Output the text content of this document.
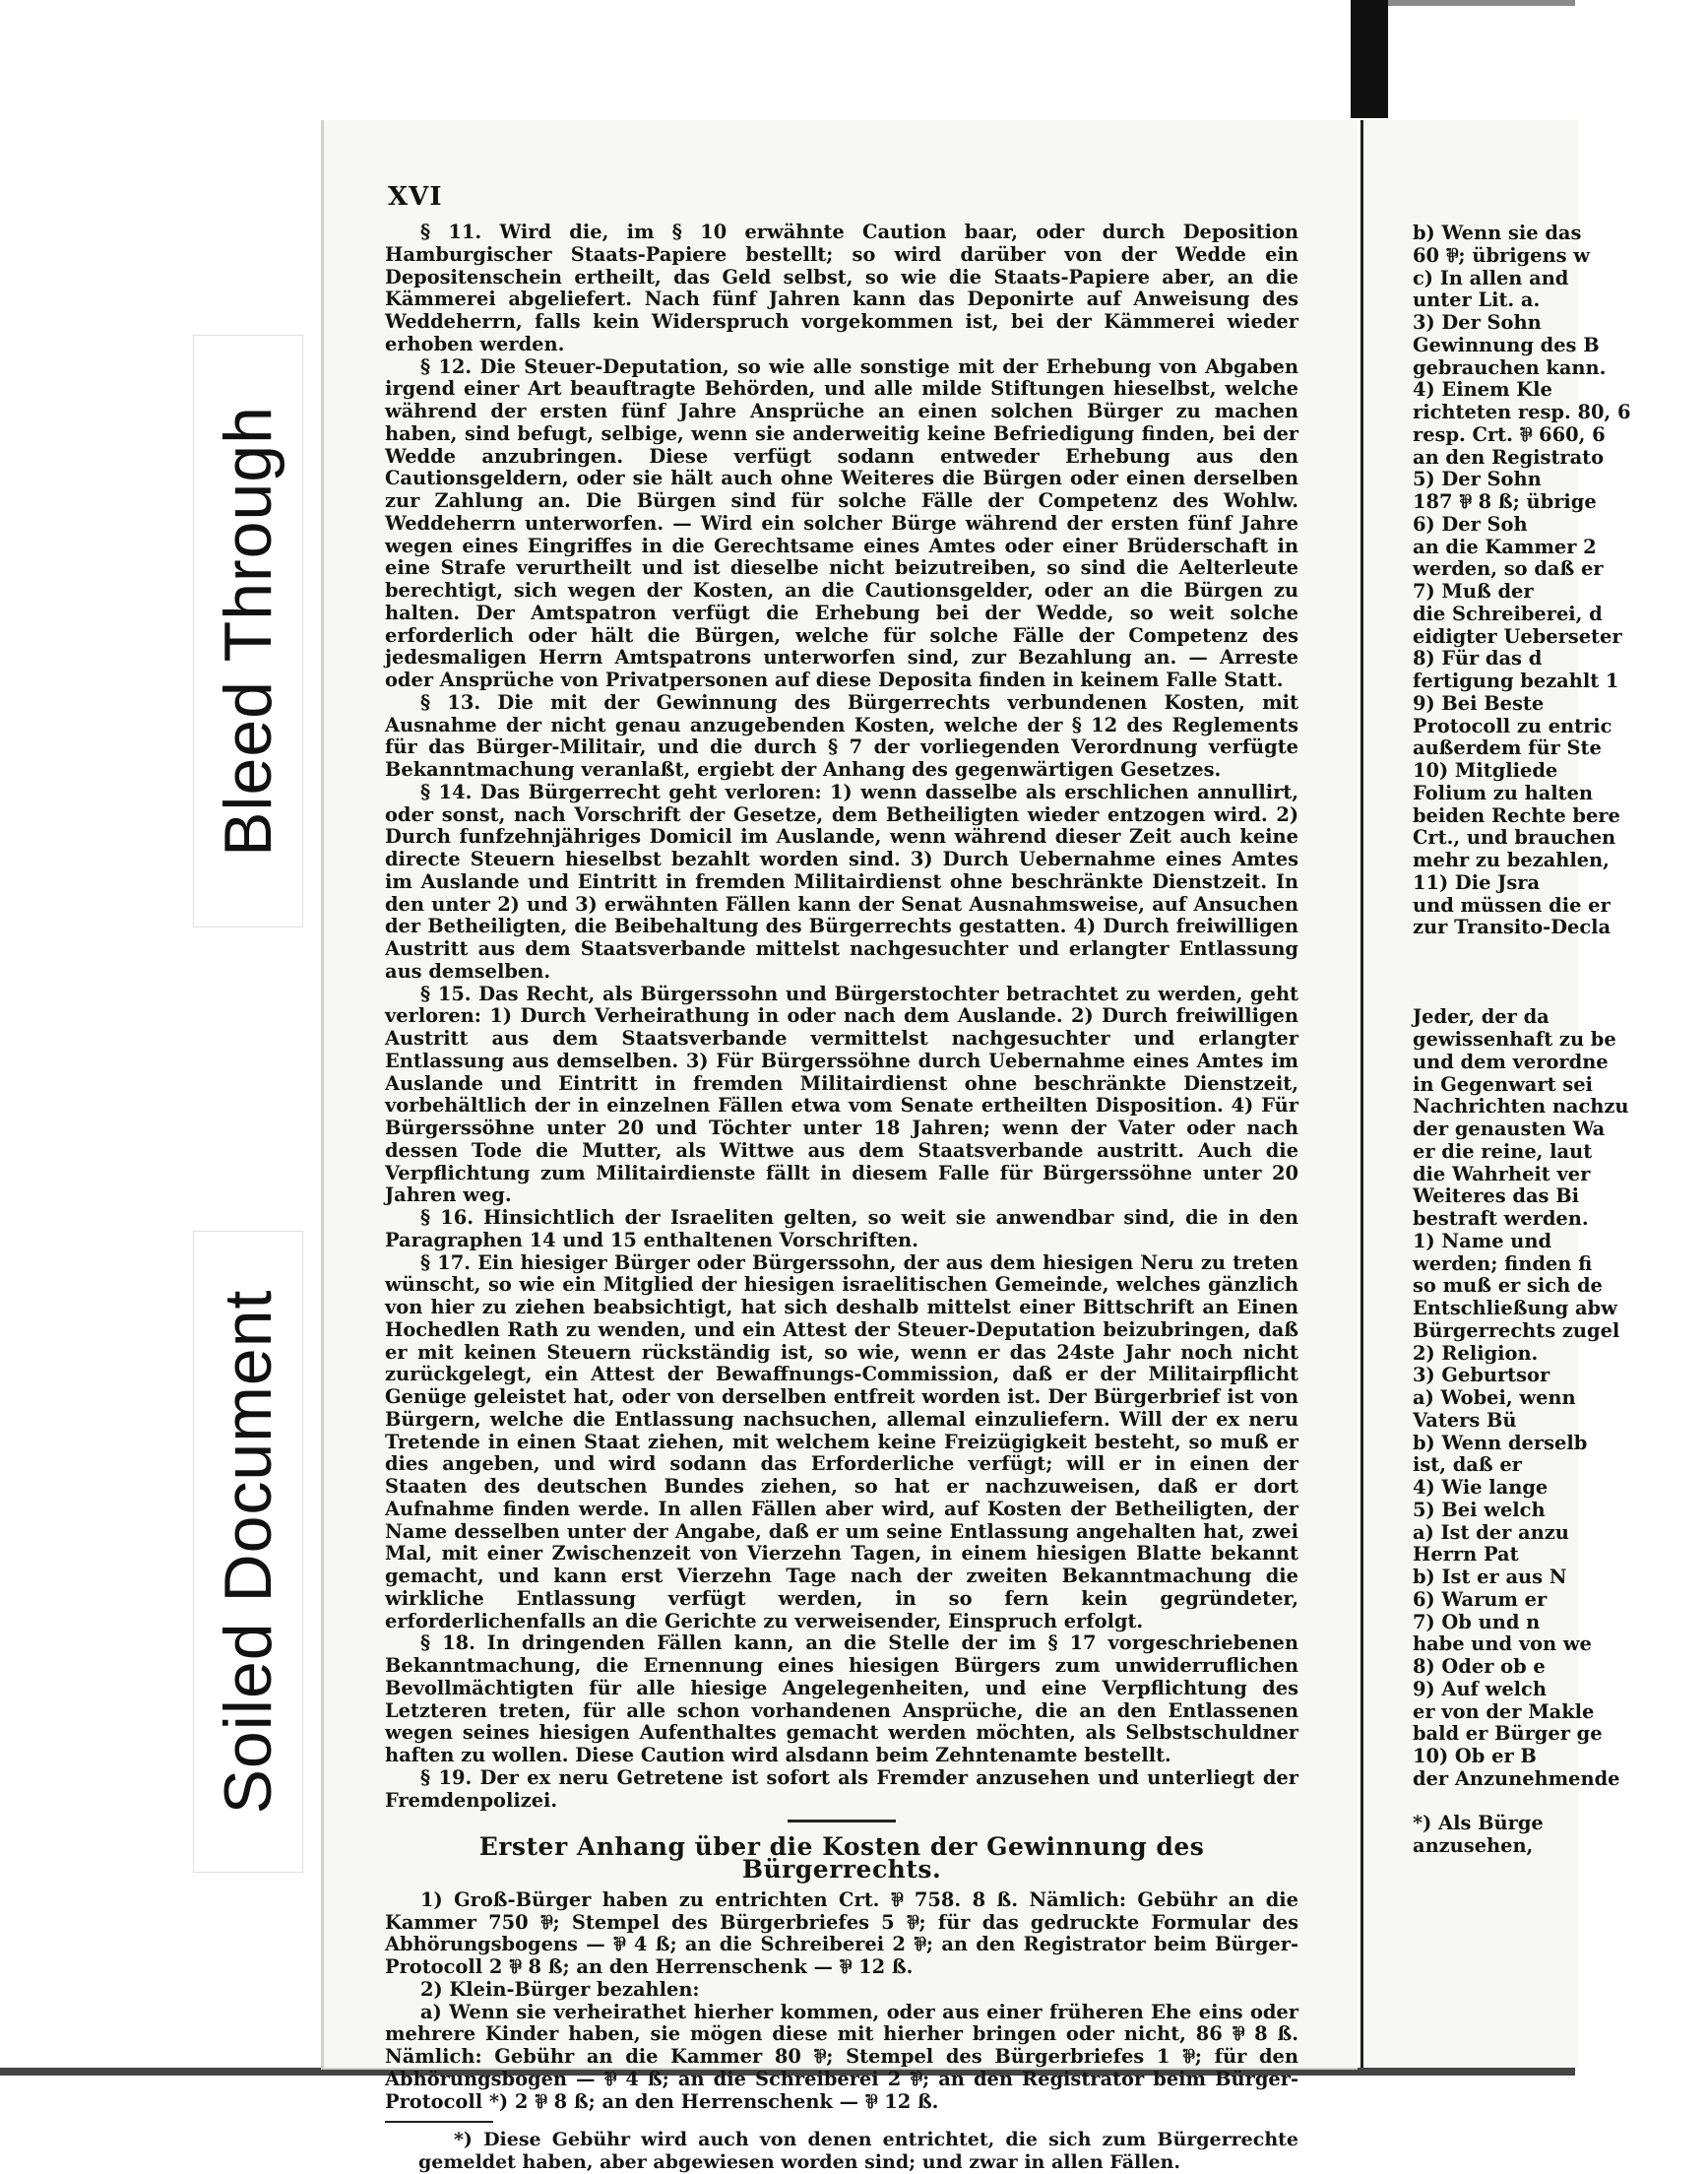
XVI

§ 11. Wird die, im § 10 erwähnte Caution baar, oder durch Deposition Hamburgischer Staats-Papiere bestellt; so wird darüber von der Wedde ein Depositenschein ertheilt, das Geld selbst, so wie die Staats-Papiere aber, an die Kämmerei abgeliefert. Nach fünf Jahren kann das Deponirte auf Anweisung des Weddeherrn, falls kein Widerspruch vorgekommen ist, bei der Kämmerei wieder erhoben werden.

§ 12. Die Steuer-Deputation, so wie alle sonstige mit der Erhebung von Abgaben irgend einer Art beauftragte Behörden, und alle milde Stiftungen hieselbst, welche während der ersten fünf Jahre Ansprüche an einen solchen Bürger zu machen haben, sind befugt, selbige, wenn sie anderweitig keine Befriedigung finden, bei der Wedde anzubringen. Diese verfügt sodann entweder Erhebung aus den Cautionsgeldern, oder sie hält auch ohne Weiteres die Bürgen oder einen derselben zur Zahlung an. Die Bürgen sind für solche Fälle der Competenz des Wohlw. Weddeherrn unterworfen. — Wird ein solcher Bürge während der ersten fünf Jahre wegen eines Eingriffes in die Gerechtsame eines Amtes oder einer Brüderschaft in eine Strafe verurtheilt und ist dieselbe nicht beizutreiben, so sind die Aelterleute berechtigt, sich wegen der Kosten, an die Cautionsgelder, oder an die Bürgen zu halten. Der Amtspatron verfügt die Erhebung bei der Wedde, so weit solche erforderlich oder hält die Bürgen, welche für solche Fälle der Competenz des jedesmaligen Herrn Amtspatrons unterworfen sind, zur Bezahlung an. — Arreste oder Ansprüche von Privatpersonen auf diese Deposita finden in keinem Falle Statt.

§ 13. Die mit der Gewinnung des Bürgerrechts verbundenen Kosten, mit Ausnahme der nicht genau anzugebenden Kosten, welche der § 12 des Reglements für das Bürger-Militair, und die durch § 7 der vorliegenden Verordnung verfügte Bekanntmachung veranlaßt, ergiebt der Anhang des gegenwärtigen Gesetzes.

§ 14. Das Bürgerrecht geht verloren: 1) wenn dasselbe als erschlichen annullirt, oder sonst, nach Vorschrift der Gesetze, dem Betheiligten wieder entzogen wird. 2) Durch funfzehnjähriges Domicil im Auslande, wenn während dieser Zeit auch keine directe Steuern hieselbst bezahlt worden sind. 3) Durch Uebernahme eines Amtes im Auslande und Eintritt in fremden Militairdienst ohne beschränkte Dienstzeit. In den unter 2) und 3) erwähnten Fällen kann der Senat Ausnahmsweise, auf Ansuchen der Betheiligten, die Beibehaltung des Bürgerrechts gestatten. 4) Durch freiwilligen Austritt aus dem Staatsverbande mittelst nachgesuchter und erlangter Entlassung aus demselben.

§ 15. Das Recht, als Bürgerssohn und Bürgerstochter betrachtet zu werden, geht verloren: 1) Durch Verheirathung in oder nach dem Auslande. 2) Durch freiwilligen Austritt aus dem Staatsverbande vermittelst nachgesuchter und erlangter Entlassung aus demselben. 3) Für Bürgerssöhne durch Uebernahme eines Amtes im Auslande und Eintritt in fremden Militairdienst ohne beschränkte Dienstzeit, vorbehältlich der in einzelnen Fällen etwa vom Senate ertheilten Disposition. 4) Für Bürgerssöhne unter 20 und Töchter unter 18 Jahren; wenn der Vater oder nach dessen Tode die Mutter, als Wittwe aus dem Staatsverbande austritt. Auch die Verpflichtung zum Militairdienste fällt in diesem Falle für Bürgerssöhne unter 20 Jahren weg.

§ 16. Hinsichtlich der Israeliten gelten, so weit sie anwendbar sind, die in den Paragraphen 14 und 15 enthaltenen Vorschriften.

§ 17. Ein hiesiger Bürger oder Bürgerssohn, der aus dem hiesigen Neru zu treten wünscht, so wie ein Mitglied der hiesigen israelitischen Gemeinde, welches gänzlich von hier zu ziehen beabsichtigt, hat sich deshalb mittelst einer Bittschrift an Einen Hochedlen Rath zu wenden, und ein Attest der Steuer-Deputation beizubringen, daß er mit keinen Steuern rückständig ist, so wie, wenn er das 24ste Jahr noch nicht zurückgelegt, ein Attest der Bewaffnungs-Commission, daß er der Militairpflicht Genüge geleistet hat, oder von derselben entfreit worden ist. Der Bürgerbrief ist von Bürgern, welche die Entlassung nachsuchen, allemal einzuliefern. Will der ex neru Tretende in einen Staat ziehen, mit welchem keine Freizügigkeit besteht, so muß er dies angeben, und wird sodann das Erforderliche verfügt; will er in einen der Staaten des deutschen Bundes ziehen, so hat er nachzuweisen, daß er dort Aufnahme finden werde. In allen Fällen aber wird, auf Kosten der Betheiligten, der Name desselben unter der Angabe, daß er um seine Entlassung angehalten hat, zwei Mal, mit einer Zwischenzeit von Vierzehn Tagen, in einem hiesigen Blatte bekannt gemacht, und kann erst Vierzehn Tage nach der zweiten Bekanntmachung die wirkliche Entlassung verfügt werden, in so fern kein gegründeter, erforderlichenfalls an die Gerichte zu verweisender, Einspruch erfolgt.

§ 18. In dringenden Fällen kann, an die Stelle der im § 17 vorgeschriebenen Bekanntmachung, die Ernennung eines hiesigen Bürgers zum unwiderruflichen Bevollmächtigten für alle hiesige Angelegenheiten, und eine Verpflichtung des Letzteren treten, für alle schon vorhandenen Ansprüche, die an den Entlassenen wegen seines hiesigen Aufenthaltes gemacht werden möchten, als Selbstschuldner haften zu wollen. Diese Caution wird alsdann beim Zehntenamte bestellt.

§ 19. Der ex neru Getretene ist sofort als Fremder anzusehen und unterliegt der Fremdenpolizei.

Erster Anhang über die Kosten der Gewinnung des Bürgerrechts.

1) Groß-Bürger haben zu entrichten Crt. ⅌ 758. 8 ß. Nämlich: Gebühr an die Kammer 750 ⅌; Stempel des Bürgerbriefes 5 ⅌; für das gedruckte Formular des Abhörungsbogens — ⅌ 4 ß; an die Schreiberei 2 ⅌; an den Registrator beim Bürger-Protocoll 2 ⅌ 8 ß; an den Herrenschenk — ⅌ 12 ß.

2) Klein-Bürger bezahlen:

a) Wenn sie verheirathet hierher kommen, oder aus einer früheren Ehe eins oder mehrere Kinder haben, sie mögen diese mit hierher bringen oder nicht, 86 ⅌ 8 ß. Nämlich: Gebühr an die Kammer 80 ⅌; Stempel des Bürgerbriefes 1 ⅌; für den Abhörungsbogen — ⅌ 4 ß; an die Schreiberei 2 ⅌; an den Registrator beim Bürger-Protocoll *) 2 ⅌ 8 ß; an den Herrenschenk — ⅌ 12 ß.

*) Diese Gebühr wird auch von denen entrichtet, die sich zum Bürgerrechte gemeldet haben, aber abgewiesen worden sind; und zwar in allen Fällen.

b) Wenn sie das
60 ⅌; übrigens w
c) In allen and
unter Lit. a.
3) Der Sohn
Gewinnung des B
gebrauchen kann.
4) Einem Kle
richteten resp. 80, 6
resp. Crt. ⅌ 660, 6
an den Registrato
5) Der Sohn
187 ⅌ 8 ß; übrige
6) Der Soh
an die Kammer 2
werden, so daß er
7) Muß der
die Schreiberei, d
eidigter Ueberseter
8) Für das d
fertigung bezahlt 1
9) Bei Beste
Protocoll zu entric
außerdem für Ste
10) Mitgliede
Folium zu halten
beiden Rechte bere
Crt., und brauchen
mehr zu bezahlen,
11) Die Jsra
und müssen die er
zur Transito-Decla
Jeder, der da
gewissenhaft zu be
und dem verordne
in Gegenwart sei
Nachrichten nachzu
der genausten Wa
er die reine, laut
die Wahrheit ver
Weiteres das Bi
bestraft werden.
1) Name und
werden; finden fi
so muß er sich de
Entschließung abw
Bürgerrechts zugel
2) Religion.
3) Geburtsor
a) Wobei, wenn
Vaters Bü
b) Wenn derselb
ist, daß er
4) Wie lange
5) Bei welch
a) Ist der anzu
Herrn Pat
b) Ist er aus N
6) Warum er
7) Ob und n
habe und von we
8) Oder ob e
9) Auf welch
er von der Makle
bald er Bürger ge
10) Ob er B
der Anzunehmende
*) Als Bürge
anzusehen,
Bleed Through
Soiled Document
